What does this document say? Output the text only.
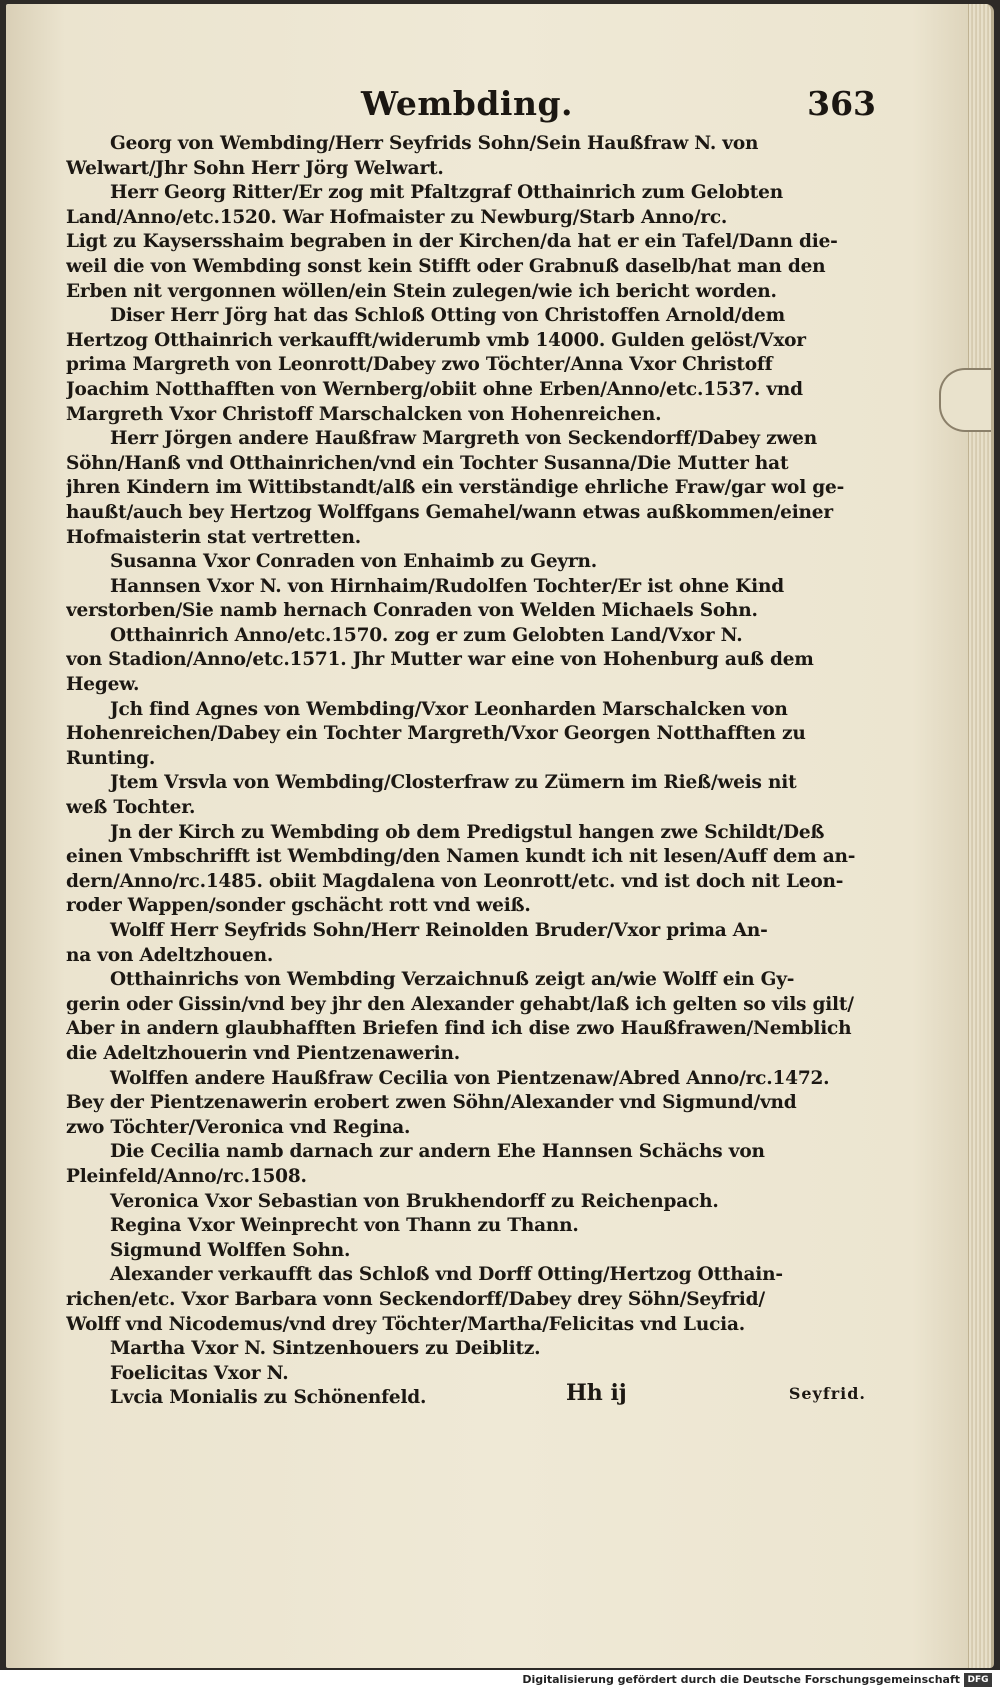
Wembding.	363
Georg von Wembding/Herr Seyfrids Sohn/Sein Haußfraw N. von
Welwart/Jhr Sohn Herr Jörg Welwart.
Herr Georg Ritter/Er zog mit Pfaltzgraf Otthainrich zum Gelobten
Land/Anno/etc.1520. War Hofmaister zu Newburg/Starb Anno/rc.
Ligt zu Kaysersshaim begraben in der Kirchen/da hat er ein Tafel/Dann die-
weil die von Wembding sonst kein Stifft oder Grabnuß daselb/hat man den
Erben nit vergonnen wöllen/ein Stein zulegen/wie ich bericht worden.
Diser Herr Jörg hat das Schloß Otting von Christoffen Arnold/dem
Hertzog Otthainrich verkaufft/widerumb vmb 14000. Gulden gelöst/Vxor
prima Margreth von Leonrott/Dabey zwo Töchter/Anna Vxor Christoff
Joachim Notthafften von Wernberg/obiit ohne Erben/Anno/etc.1537. vnd
Margreth Vxor Christoff Marschalcken von Hohenreichen.
Herr Jörgen andere Haußfraw Margreth von Seckendorff/Dabey zwen
Söhn/Hanß vnd Otthainrichen/vnd ein Tochter Susanna/Die Mutter hat
jhren Kindern im Wittibstandt/alß ein verständige ehrliche Fraw/gar wol ge-
haußt/auch bey Hertzog Wolffgans Gemahel/wann etwas außkommen/einer
Hofmaisterin stat vertretten.
Susanna Vxor Conraden von Enhaimb zu Geyrn.
Hannsen Vxor N. von Hirnhaim/Rudolfen Tochter/Er ist ohne Kind
verstorben/Sie namb hernach Conraden von Welden Michaels Sohn.
Otthainrich Anno/etc.1570. zog er zum Gelobten Land/Vxor N.
von Stadion/Anno/etc.1571. Jhr Mutter war eine von Hohenburg auß dem
Hegew.
Jch find Agnes von Wembding/Vxor Leonharden Marschalcken von
Hohenreichen/Dabey ein Tochter Margreth/Vxor Georgen Notthafften zu
Runting.
Jtem Vrsvla von Wembding/Closterfraw zu Zümern im Rieß/weis nit
weß Tochter.
Jn der Kirch zu Wembding ob dem Predigstul hangen zwe Schildt/Deß
einen Vmbschrifft ist Wembding/den Namen kundt ich nit lesen/Auff dem an-
dern/Anno/rc.1485. obiit Magdalena von Leonrott/etc. vnd ist doch nit Leon-
roder Wappen/sonder gschächt rott vnd weiß.
Wolff Herr Seyfrids Sohn/Herr Reinolden Bruder/Vxor prima An-
na von Adeltzhouen.
Otthainrichs von Wembding Verzaichnuß zeigt an/wie Wolff ein Gy-
gerin oder Gissin/vnd bey jhr den Alexander gehabt/laß ich gelten so vils gilt/
Aber in andern glaubhafften Briefen find ich dise zwo Haußfrawen/Nemblich
die Adeltzhouerin vnd Pientzenawerin.
Wolffen andere Haußfraw Cecilia von Pientzenaw/Abred Anno/rc.1472.
Bey der Pientzenawerin erobert zwen Söhn/Alexander vnd Sigmund/vnd
zwo Töchter/Veronica vnd Regina.
Die Cecilia namb darnach zur andern Ehe Hannsen Schächs von
Pleinfeld/Anno/rc.1508.
Veronica Vxor Sebastian von Brukhendorff zu Reichenpach.
Regina Vxor Weinprecht von Thann zu Thann.
Sigmund Wolffen Sohn.
Alexander verkaufft das Schloß vnd Dorff Otting/Hertzog Otthain-
richen/etc. Vxor Barbara vonn Seckendorff/Dabey drey Söhn/Seyfrid/
Wolff vnd Nicodemus/vnd drey Töchter/Martha/Felicitas vnd Lucia.
Martha Vxor N. Sintzenhouers zu Deiblitz.
Foelicitas Vxor N.
Lvcia Monialis zu Schönenfeld.	Hh ij	Seyfrid.
Digitalisierung gefördert durch die Deutsche Forschungsgemeinschaft DFG
